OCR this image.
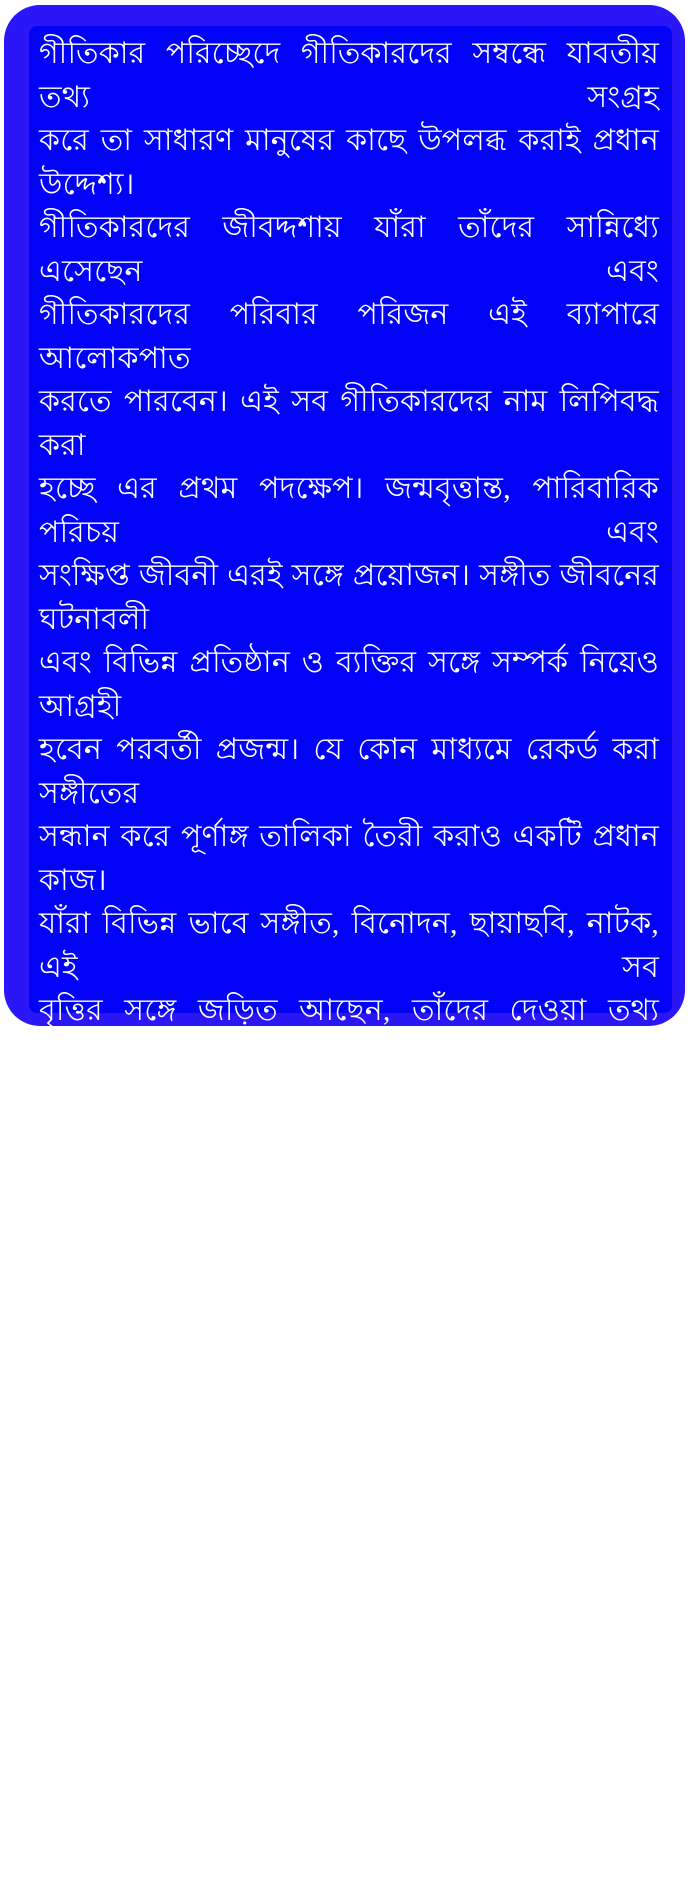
গীতিকার পরিচ্ছেদে গীতিকারদের সম্বন্ধে যাবতীয় তথ্য সংগ্রহ
করে তা সাধারণ মানুষের কাছে উপলব্ধ করাই প্রধান উদ্দেশ্য।
গীতিকারদের জীবদ্দশায় যাঁরা তাঁদের সান্নিধ্যে এসেছেন এবং
গীতিকারদের পরিবার পরিজন এই ব্যাপারে আলোকপাত
করতে পারবেন। এই সব গীতিকারদের নাম লিপিবদ্ধ করা
হচ্ছে এর প্রথম পদক্ষেপ। জন্মবৃত্তান্ত, পারিবারিক পরিচয় এবং
সংক্ষিপ্ত জীবনী এরই সঙ্গে প্রয়োজন। সঙ্গীত জীবনের ঘটনাবলী
এবং বিভিন্ন প্রতিষ্ঠান ও ব্যক্তির সঙ্গে সম্পর্ক নিয়েও আগ্রহী
হবেন পরবর্তী প্রজন্ম। যে কোন মাধ্যমে রেকর্ড করা সঙ্গীতের
সন্ধান করে পূর্ণাঙ্গ তালিকা তৈরী করাও একটি প্রধান কাজ।
যাঁরা বিভিন্ন ভাবে সঙ্গীত, বিনোদন, ছায়াছবি, নাটক, এই সব
বৃত্তির সঙ্গে জড়িত আছেন, তাঁদের দেওয়া তথ্য সবচেয়ে
মূল্যবান হতে পারে। লক্ষ লক্ষ মানুষ যাঁরা সুরের মায়ায় যুগ
যুগ ধরে আচ্ছন্ন হয়ে আছেন তাঁরা স্বতঃপ্রণোদিত হয়ে সাহায্য
করলে উদ্দেশ্য সাধনে সফলতা আসবেই। কাজ শুরু হল।
চলবে এবং চলতে থাকবে। এরই মধ্য দিয়ে বেঁচে থাকবে
বাঙালীর গান।
গীতিকারদের বর্তমান তালিকা বাঁদিকের মার্জিনে দেওয়া আছে।
এই তালিকা ক্রমশ পরিবর্ধিত হবে আপনাদের যোগদানে।
গীতিকারদের সম্বন্ধে সংগৃহীত তথ্য এই পরিচ্ছেদে যথাসময়ে
উপলব্ধ করা হবে। তখন আরও একটি বা দুটি অনুচ্ছেদ এবং
তার লিঙ্ক এই পরিচ্ছেদেই রক্ষিত হবে।
